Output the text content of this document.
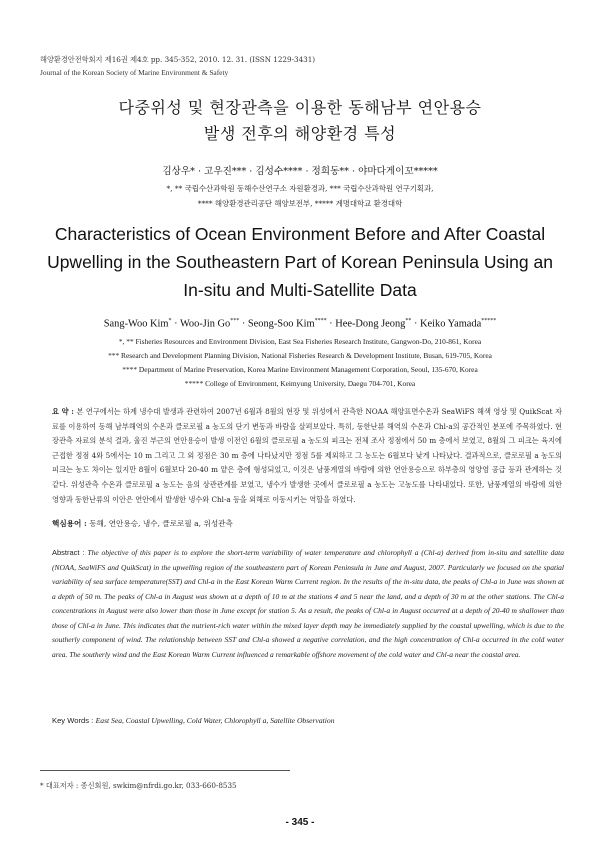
해양환경안전학회지 제16권 제4호 pp. 345-352, 2010. 12. 31. (ISSN 1229-3431)
Journal of the Korean Society of Marine Environment & Safety
다중위성 및 현장관측을 이용한 동해남부 연안용승
발생 전후의 해양환경 특성
김상우* · 고우진*** · 김성수**** · 정희동** · 야마다게이꼬*****
*, ** 국립수산과학원 동해수산연구소 자원환경과, *** 국립수산과학원 연구기획과,
**** 해양환경관리공단 해양보전부, ***** 계명대학교 환경대학
Characteristics of Ocean Environment Before and After Coastal
Upwelling in the Southeastern Part of Korean Peninsula Using an
In-situ and Multi-Satellite Data
Sang-Woo Kim* · Woo-Jin Go*** · Seong-Soo Kim**** · Hee-Dong Jeong** · Keiko Yamada*****
*, ** Fisheries Resources and Environment Division, East Sea Fisheries Research Institute, Gangwon-Do, 210-861, Korea
*** Research and Development Planning Division, National Fisheries Research & Development Institute, Busan, 619-705, Korea
**** Department of Marine Preservation, Korea Marine Environment Management Corporation, Seoul, 135-670, Korea
***** College of Environment, Keimyung University, Daegu 704-701, Korea
요 약 : 본 연구에서는 하계 냉수대 발생과 관련하여 2007년 6월과 8월의 현장 및 위성에서 관측한 NOAA 해양표면수온과 SeaWiFS 해색 영상 및 QuikScat 자료를 이용하여 동해 남부해역의 수온과 클로로필 a 농도의 단기 변동과 바람을 살펴보았다. 특히, 동한난류 해역의 수온과 Chl-a의 공간적인 분포에 주목하였다. 현장관측 자료의 분석 결과, 울진 부근의 연안용승이 발생 이전인 6월의 클로로필 a 농도의 피크는 전체 조사 정점에서 50 m 층에서 보였고, 8월의 그 피크는 육지에 근접한 정점 4와 5에서는 10 m 그리고 그 외 정점은 30 m 층에 나타났지만 정점 5를 제외하고 그 농도는 6월보다 낮게 나타났다. 결과적으로, 클로로필 a 농도의 피크는 농도 차이는 있지만 8월이 6월보다 20-40 m 얕은 층에 형성되었고, 이것은 남풍계열의 바람에 의한 연안용승으로 하부층의 영양염 공급 등과 관계하는 것 같다. 위성관측 수온과 클로로필 a 농도는 음의 상관관계를 보였고, 냉수가 발생한 곳에서 클로로필 a 농도는 고농도를 나타내었다. 또한, 남풍계열의 바람에 의한 영향과 동한난류의 이안은 연안에서 발생한 냉수와 Chl-a 등을 외해로 이동시키는 역할을 하였다.
핵심용어 : 동해, 연안용승, 냉수, 클로로필 a, 위성관측
Abstract : The objective of this paper is to explore the short-term variability of water temperature and chlorophyll a (Chl-a) derived from in-situ and satellite data (NOAA, SeaWiFS and QuikScat) in the upwelling region of the southeastern part of Korean Peninsula in June and August, 2007. Particularly we focused on the spatial variability of sea surface temperature(SST) and Chl-a in the East Korean Warm Current region. In the results of the in-situ data, the peaks of Chl-a in June was shown at a depth of 50 m. The peaks of Chl-a in August was shown at a depth of 10 m at the stations 4 and 5 near the land, and a depth of 30 m at the other stations. The Chl-a concentrations in August were also lower than those in June except for station 5. As a result, the peaks of Chl-a in August occurred at a depth of 20-40 m shallower than those of Chl-a in June. This indicates that the nutrient-rich water within the mixed layer depth may be immediately supplied by the coastal upwelling, which is due to the southerly component of wind. The relationship between SST and Chl-a showed a negative correlation, and the high concentration of Chl-a occurred in the cold water area. The southerly wind and the East Korean Warm Current influenced a remarkable offshore movement of the cold water and Chl-a near the coastal area.
Key Words : East Sea, Coastal Upwelling, Cold Water, Chlorophyll a, Satellite Observation
* 대표저자 : 종신회원, swkim@nfrdi.go.kr, 033-660-8535
- 345 -
